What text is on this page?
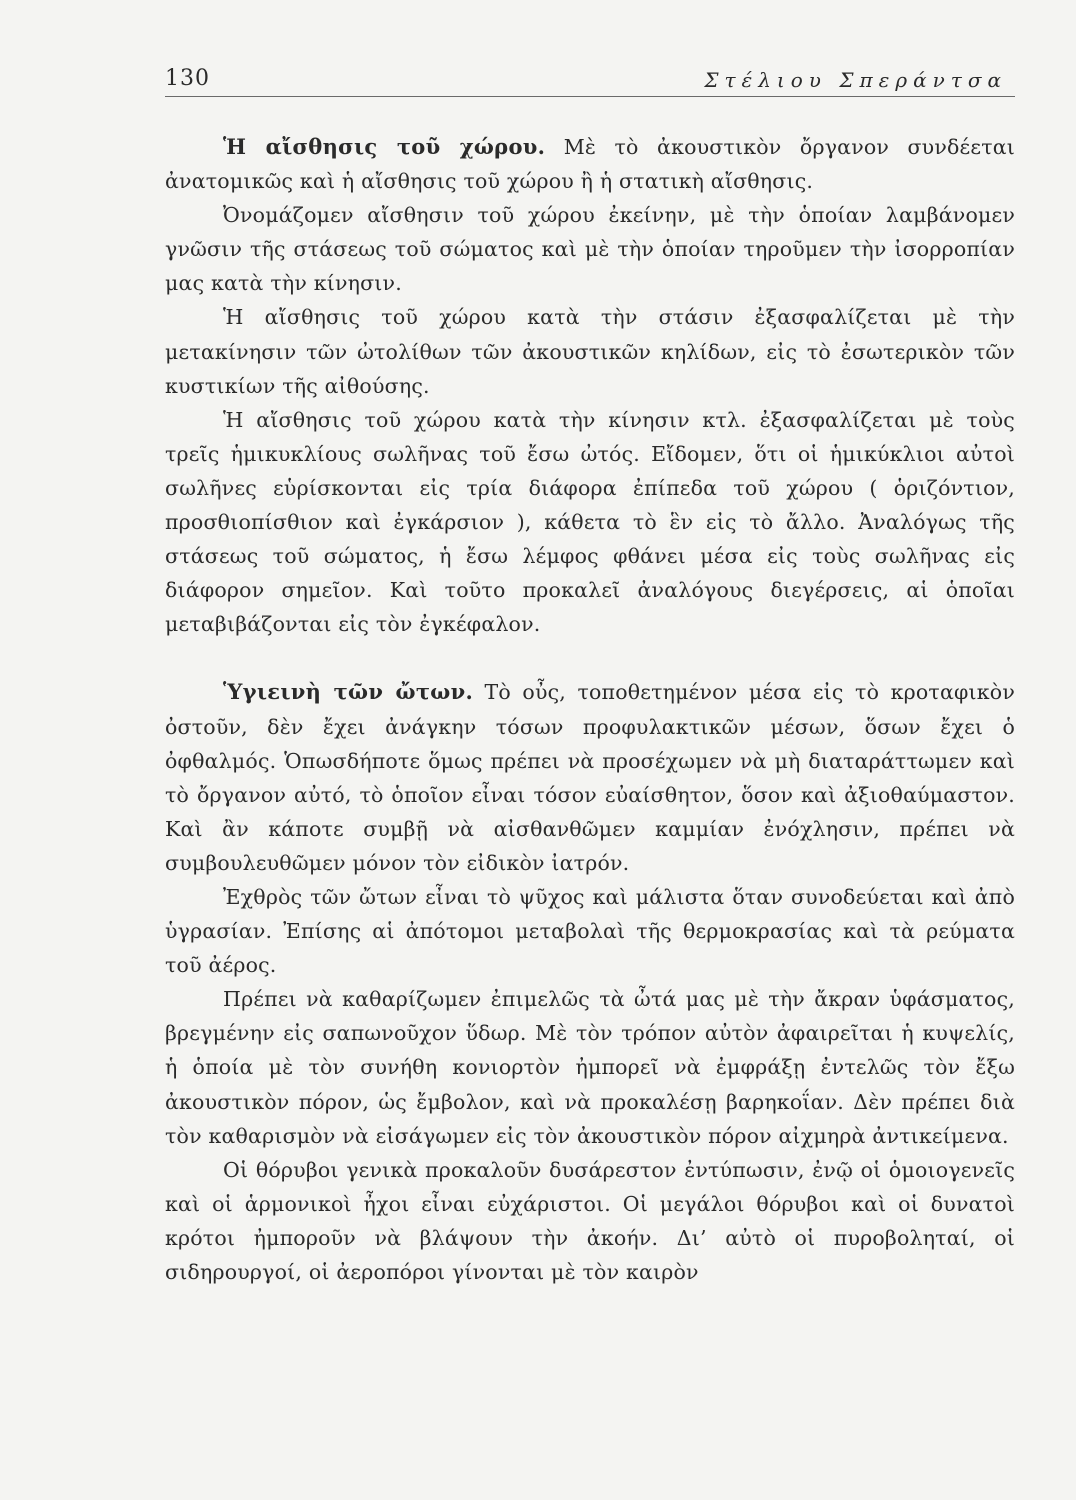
130	Στέλιου Σπεράντσα

Ἡ αἴσθησις τοῦ χώρου. Μὲ τὸ ἀκουστικὸν ὄργανον συνδέεται ἀνατομικῶς καὶ ἡ αἴσθησις τοῦ χώρου ἢ ἡ στατικὴ αἴσθησις.

Ὀνομάζομεν αἴσθησιν τοῦ χώρου ἐκείνην, μὲ τὴν ὁποίαν λαμβάνομεν γνῶσιν τῆς στάσεως τοῦ σώματος καὶ μὲ τὴν ὁποίαν τηροῦμεν τὴν ἰσορροπίαν μας κατὰ τὴν κίνησιν.

Ἡ αἴσθησις τοῦ χώρου κατὰ τὴν στάσιν ἐξασφαλίζεται μὲ τὴν μετακίνησιν τῶν ὠτολίθων τῶν ἀκουστικῶν κηλίδων, εἰς τὸ ἐσωτερικὸν τῶν κυστικίων τῆς αἰθούσης.

Ἡ αἴσθησις τοῦ χώρου κατὰ τὴν κίνησιν κτλ. ἐξασφαλίζεται μὲ τοὺς τρεῖς ἡμικυκλίους σωλῆνας τοῦ ἔσω ὠτός. Εἴδομεν, ὅτι οἱ ἡμικύκλιοι αὐτοὶ σωλῆνες εὑρίσκονται εἰς τρία διάφορα ἐπίπεδα τοῦ χώρου ( ὁριζόντιον, προσθιοπίσθιον καὶ ἐγκάρσιον ), κάθετα τὸ ἓν εἰς τὸ ἄλλο. Ἀναλόγως τῆς στάσεως τοῦ σώματος, ἡ ἔσω λέμφος φθάνει μέσα εἰς τοὺς σωλῆνας εἰς διάφορον σημεῖον. Καὶ τοῦτο προκαλεῖ ἀναλόγους διεγέρσεις, αἱ ὁποῖαι μεταβιβάζονται εἰς τὸν ἐγκέφαλον.

Ὑγιεινὴ τῶν ὤτων. Τὸ οὖς, τοποθετημένον μέσα εἰς τὸ κροταφικὸν ὀστοῦν, δὲν ἔχει ἀνάγκην τόσων προφυλακτικῶν μέσων, ὅσων ἔχει ὁ ὀφθαλμός. Ὁπωσδήποτε ὅμως πρέπει νὰ προσέχωμεν νὰ μὴ διαταράττωμεν καὶ τὸ ὄργανον αὐτό, τὸ ὁποῖον εἶναι τόσον εὐαίσθητον, ὅσον καὶ ἀξιοθαύμαστον. Καὶ ἂν κάποτε συμβῇ νὰ αἰσθανθῶμεν καμμίαν ἐνόχλησιν, πρέπει νὰ συμβουλευθῶμεν μόνον τὸν εἰδικὸν ἰατρόν.

Ἐχθρὸς τῶν ὤτων εἶναι τὸ ψῦχος καὶ μάλιστα ὅταν συνοδεύεται καὶ ἀπὸ ὑγρασίαν. Ἐπίσης αἱ ἀπότομοι μεταβολαὶ τῆς θερμοκρασίας καὶ τὰ ρεύματα τοῦ ἀέρος.

Πρέπει νὰ καθαρίζωμεν ἐπιμελῶς τὰ ὦτά μας μὲ τὴν ἄκραν ὑφάσματος, βρεγμένην εἰς σαπωνοῦχον ὕδωρ. Μὲ τὸν τρόπον αὐτὸν ἀφαιρεῖται ἡ κυψελίς, ἡ ὁποία μὲ τὸν συνήθη κονιορτὸν ἠμπορεῖ νὰ ἐμφράξῃ ἐντελῶς τὸν ἔξω ἀκουστικὸν πόρον, ὡς ἔμβολον, καὶ νὰ προκαλέσῃ βαρηκοΐαν. Δὲν πρέπει διὰ τὸν καθαρισμὸν νὰ εἰσάγωμεν εἰς τὸν ἀκουστικὸν πόρον αἰχμηρὰ ἀντικείμενα.

Οἱ θόρυβοι γενικὰ προκαλοῦν δυσάρεστον ἐντύπωσιν, ἐνῷ οἱ ὁμοιογενεῖς καὶ οἱ ἁρμονικοὶ ἦχοι εἶναι εὐχάριστοι. Οἱ μεγάλοι θόρυβοι καὶ οἱ δυνατοὶ κρότοι ἠμποροῦν νὰ βλάψουν τὴν ἀκοήν. Δι’ αὐτὸ οἱ πυροβοληταί, οἱ σιδηρουργοί, οἱ ἀεροπόροι γίνονται μὲ τὸν καιρὸν
